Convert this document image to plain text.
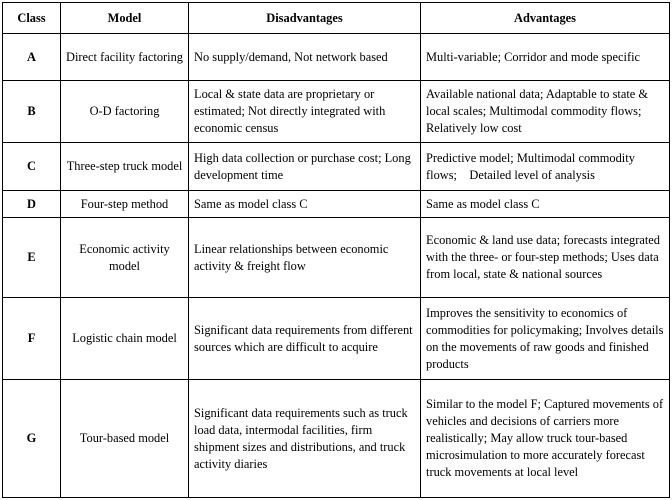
Class	Model	Disadvantages	Advantages
A	Direct facility factoring	No supply/demand, Not network based	Multi-variable; Corridor and mode specific
B	O-D factoring	Local & state data are proprietary or estimated; Not directly integrated with economic census	Available national data; Adaptable to state & local scales; Multimodal commodity flows; Relatively low cost
C	Three-step truck model	High data collection or purchase cost; Long development time	Predictive model; Multimodal commodity flows;    Detailed level of analysis
D	Four-step method	Same as model class C	Same as model class C
E	Economic activity model	Linear relationships between economic activity & freight flow	Economic & land use data; forecasts integrated with the three- or four-step methods; Uses data from local, state & national sources
F	Logistic chain model	Significant data requirements from different sources which are difficult to acquire	Improves the sensitivity to economics of commodities for policymaking; Involves details on the movements of raw goods and finished products
G	Tour-based model	Significant data requirements such as truck load data, intermodal facilities, firm shipment sizes and distributions, and truck activity diaries	Similar to the model F; Captured movements of vehicles and decisions of carriers more realistically; May allow truck tour-based microsimulation to more accurately forecast truck movements at local level
